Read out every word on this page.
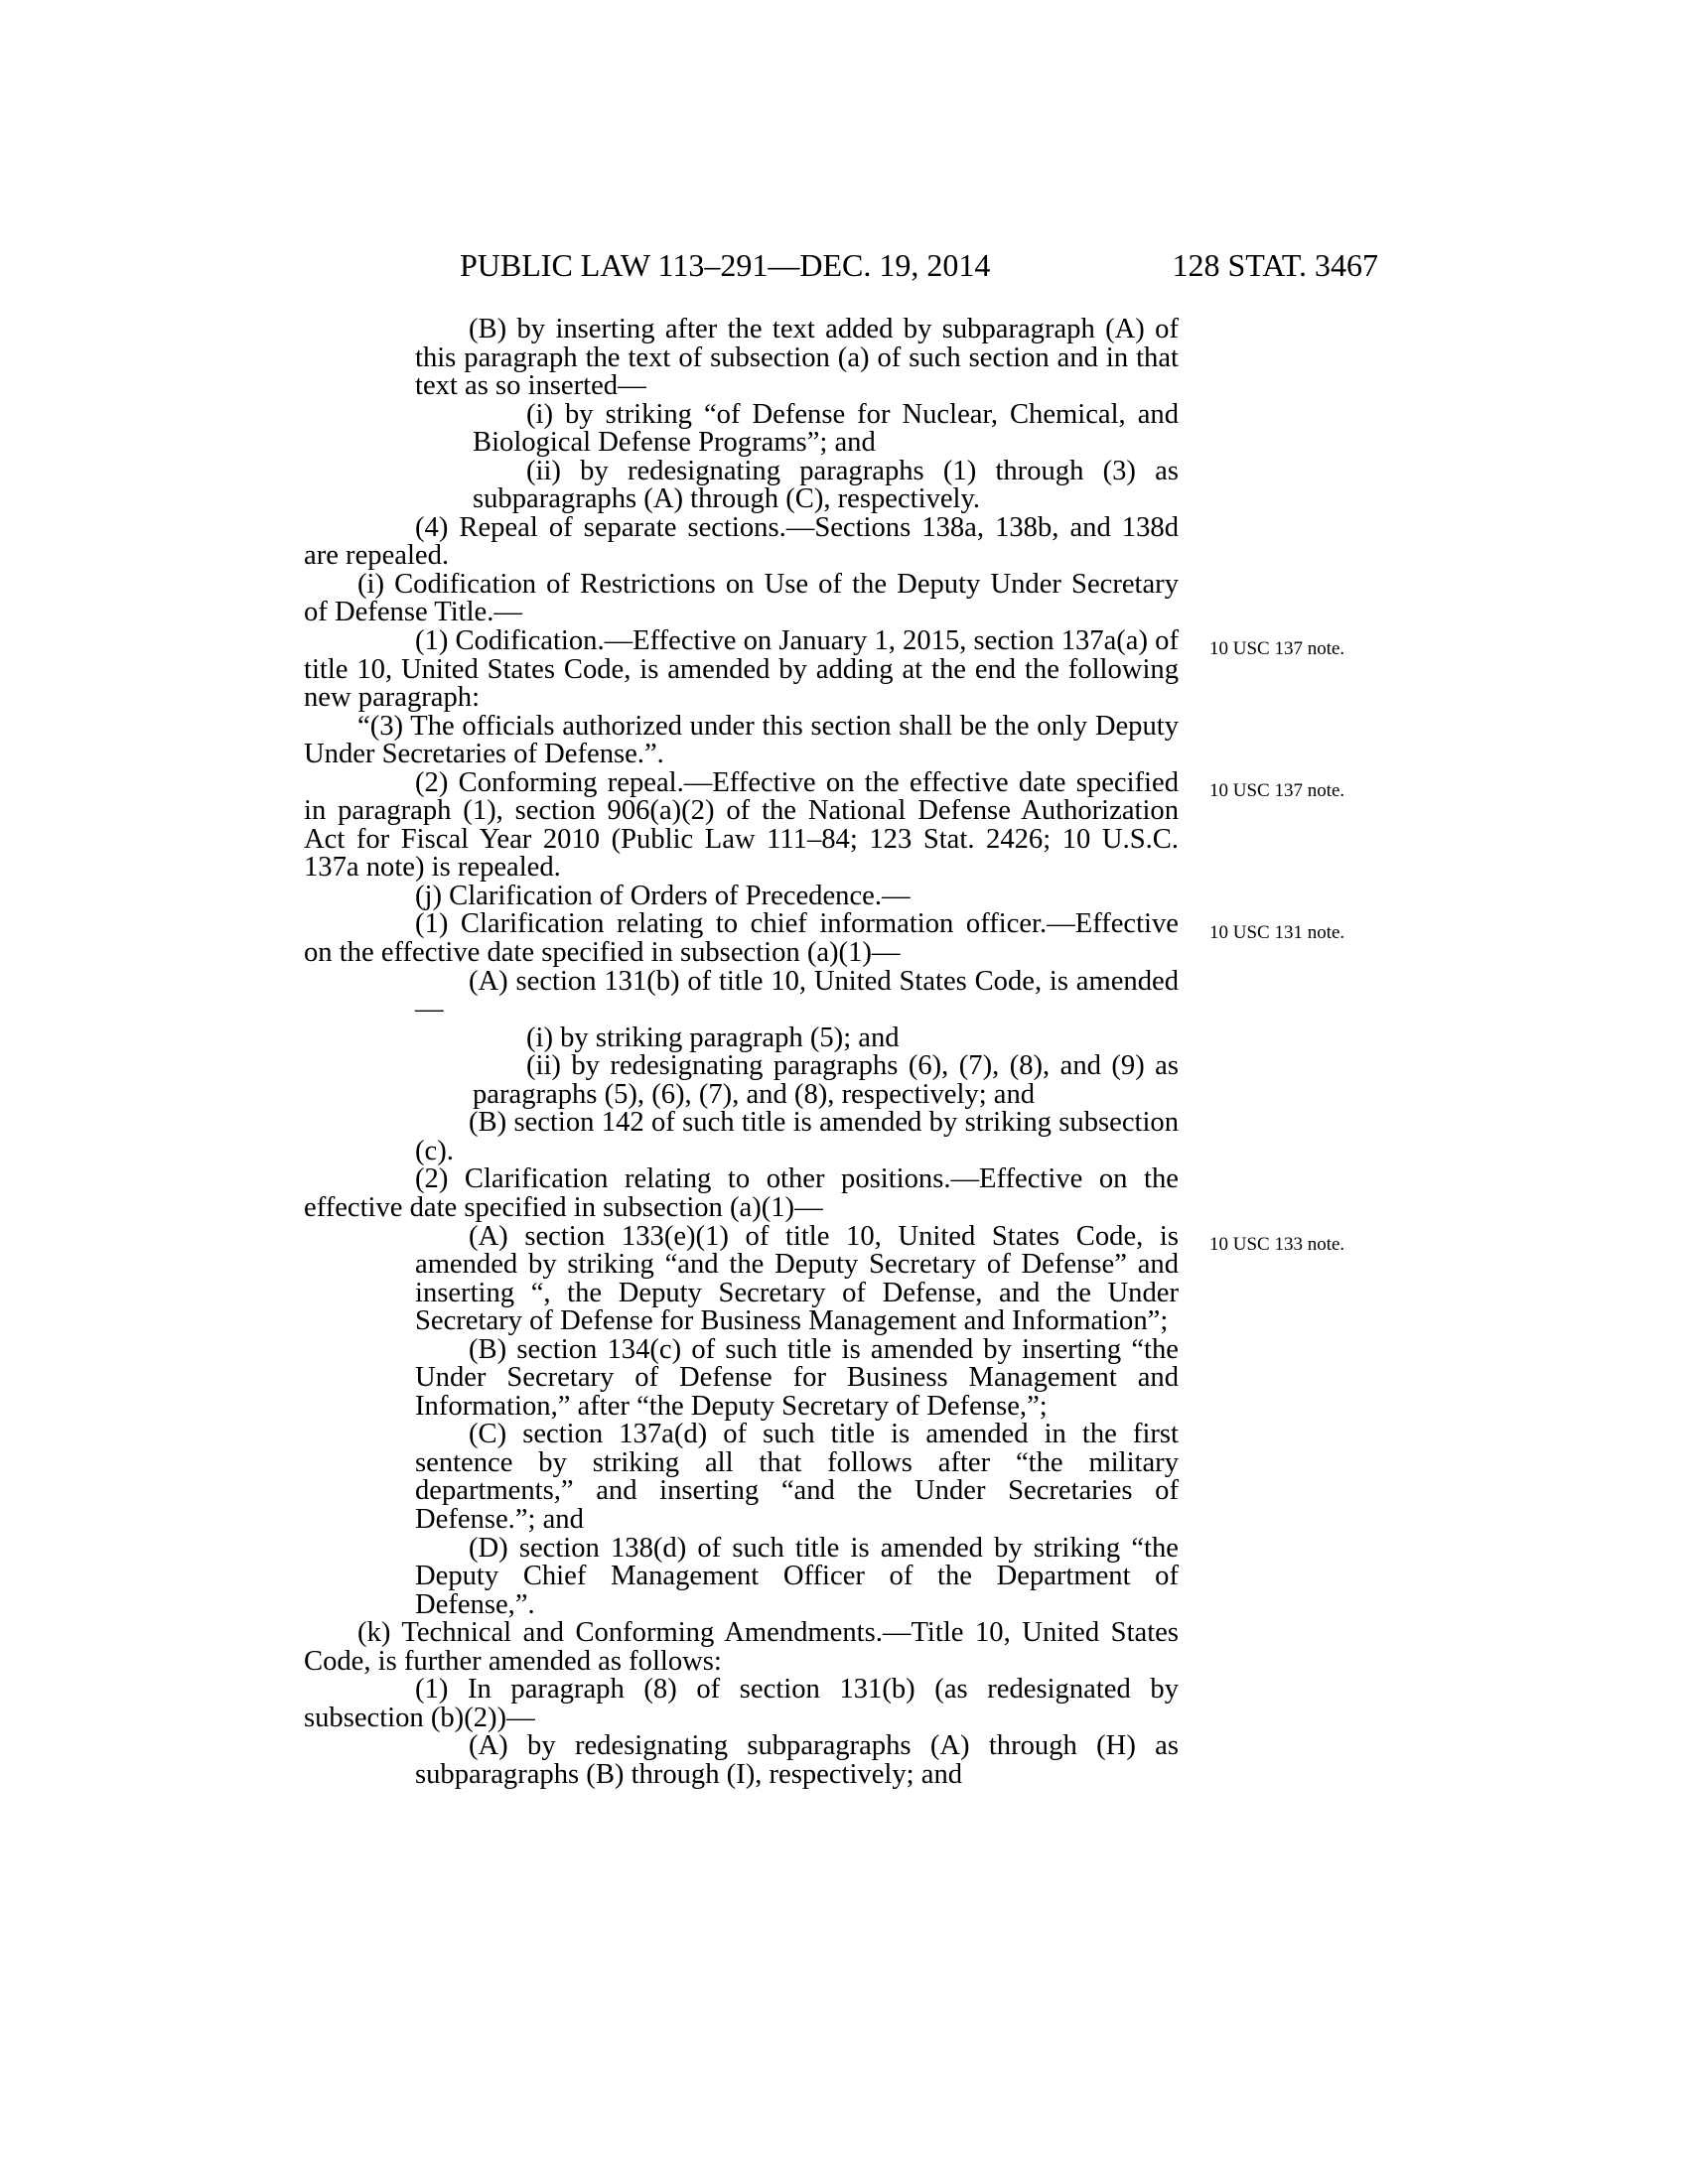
PUBLIC LAW 113–291—DEC. 19, 2014	128 STAT. 3467

(B) by inserting after the text added by subparagraph (A) of this paragraph the text of subsection (a) of such section and in that text as so inserted—

(i) by striking “of Defense for Nuclear, Chemical, and Biological Defense Programs”; and

(ii) by redesignating paragraphs (1) through (3) as subparagraphs (A) through (C), respectively.

(4) Repeal of separate sections.—Sections 138a, 138b, and 138d are repealed.

(i) Codification of Restrictions on Use of the Deputy Under Secretary of Defense Title.—

(1) Codification.—Effective on January 1, 2015, section 137a(a) of title 10, United States Code, is amended by adding at the end the following new paragraph:

“(3) The officials authorized under this section shall be the only Deputy Under Secretaries of Defense.”.

(2) Conforming repeal.—Effective on the effective date specified in paragraph (1), section 906(a)(2) of the National Defense Authorization Act for Fiscal Year 2010 (Public Law 111–84; 123 Stat. 2426; 10 U.S.C. 137a note) is repealed.

(j) Clarification of Orders of Precedence.—

(1) Clarification relating to chief information officer.—Effective on the effective date specified in subsection (a)(1)—

(A) section 131(b) of title 10, United States Code, is amended—

(i) by striking paragraph (5); and

(ii) by redesignating paragraphs (6), (7), (8), and (9) as paragraphs (5), (6), (7), and (8), respectively; and

(B) section 142 of such title is amended by striking subsection (c).

(2) Clarification relating to other positions.—Effective on the effective date specified in subsection (a)(1)—

(A) section 133(e)(1) of title 10, United States Code, is amended by striking “and the Deputy Secretary of Defense” and inserting “, the Deputy Secretary of Defense, and the Under Secretary of Defense for Business Management and Information”;

(B) section 134(c) of such title is amended by inserting “the Under Secretary of Defense for Business Management and Information,” after “the Deputy Secretary of Defense,”;

(C) section 137a(d) of such title is amended in the first sentence by striking all that follows after “the military departments,” and inserting “and the Under Secretaries of Defense.”; and

(D) section 138(d) of such title is amended by striking “the Deputy Chief Management Officer of the Department of Defense,”.

(k) Technical and Conforming Amendments.—Title 10, United States Code, is further amended as follows:

(1) In paragraph (8) of section 131(b) (as redesignated by subsection (b)(2))—

(A) by redesignating subparagraphs (A) through (H) as subparagraphs (B) through (I), respectively; and

10 USC 137 note.
10 USC 137 note.
10 USC 131 note.
10 USC 133 note.
